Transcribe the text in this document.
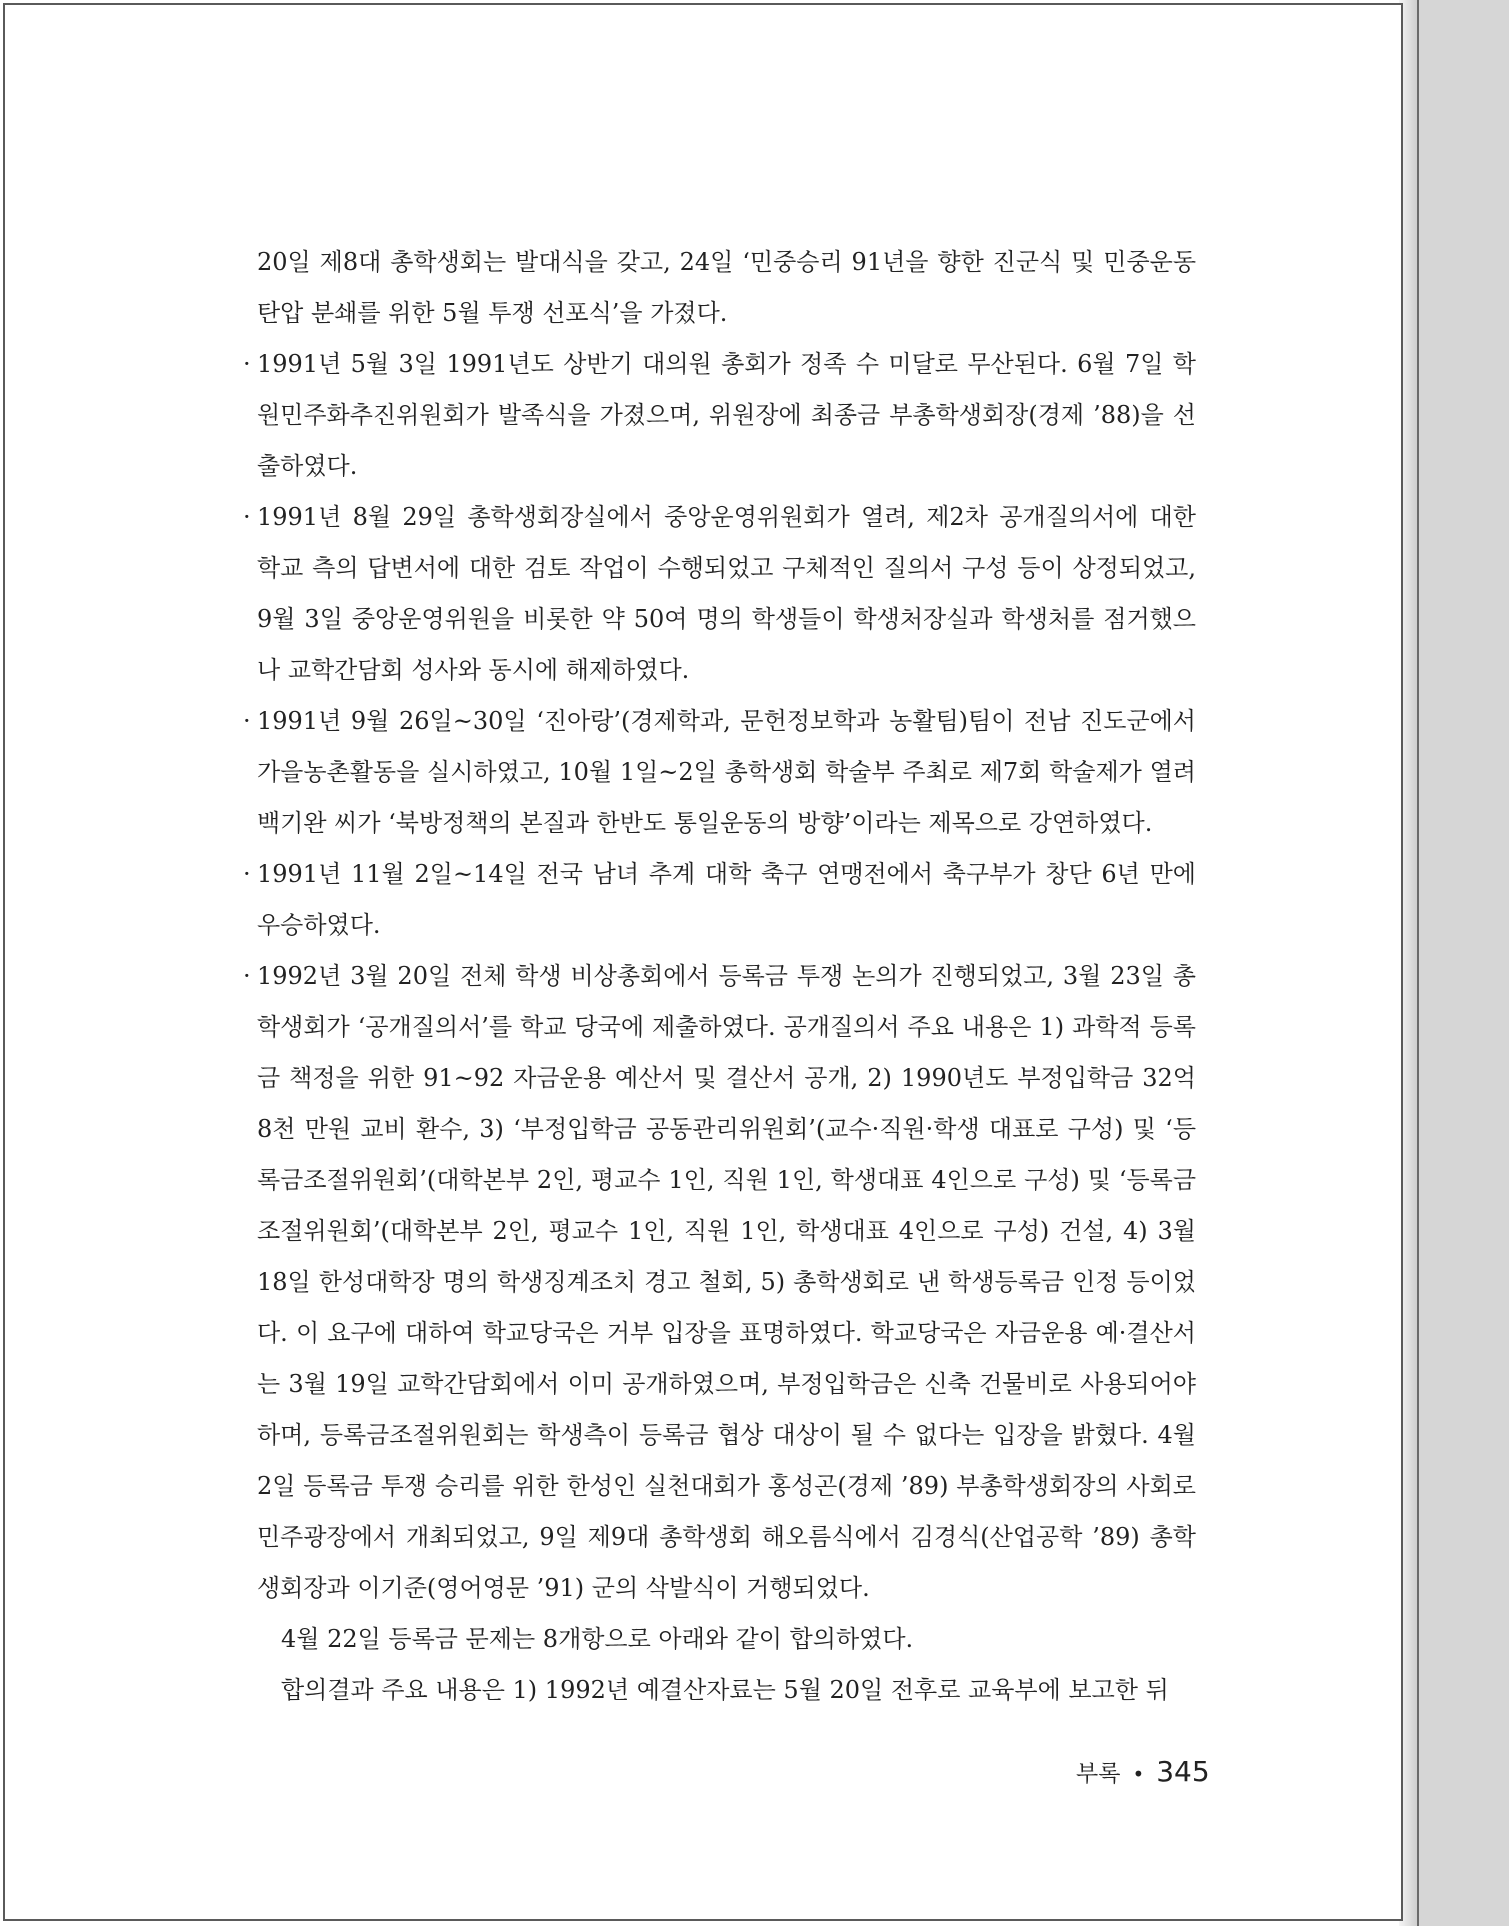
20일 제8대 총학생회는 발대식을 갖고, 24일 ‘민중승리 91년을 향한 진군식 및 민중운동 탄압 분쇄를 위한 5월 투쟁 선포식’을 가졌다.

· 1991년 5월 3일 1991년도 상반기 대의원 총회가 정족 수 미달로 무산된다. 6월 7일 학원민주화추진위원회가 발족식을 가졌으며, 위원장에 최종금 부총학생회장(경제 ’88)을 선출하였다.
· 1991년 8월 29일 총학생회장실에서 중앙운영위원회가 열려, 제2차 공개질의서에 대한 학교 측의 답변서에 대한 검토 작업이 수행되었고 구체적인 질의서 구성 등이 상정되었고, 9월 3일 중앙운영위원을 비롯한 약 50여 명의 학생들이 학생처장실과 학생처를 점거했으나 교학간담회 성사와 동시에 해제하였다.
· 1991년 9월 26일~30일 ‘진아랑’(경제학과, 문헌정보학과 농활팀)팀이 전남 진도군에서 가을농촌활동을 실시하였고, 10월 1일~2일 총학생회 학술부 주최로 제7회 학술제가 열려 백기완 씨가 ‘북방정책의 본질과 한반도 통일운동의 방향’이라는 제목으로 강연하였다.
· 1991년 11월 2일~14일 전국 남녀 추계 대학 축구 연맹전에서 축구부가 창단 6년 만에 우승하였다.
· 1992년 3월 20일 전체 학생 비상총회에서 등록금 투쟁 논의가 진행되었고, 3월 23일 총학생회가 ‘공개질의서’를 학교 당국에 제출하였다. 공개질의서 주요 내용은 1) 과학적 등록금 책정을 위한 91~92 자금운용 예산서 및 결산서 공개, 2) 1990년도 부정입학금 32억 8천 만원 교비 환수, 3) ‘부정입학금 공동관리위원회’(교수·직원·학생 대표로 구성) 및 ‘등록금조절위원회’(대학본부 2인, 평교수 1인, 직원 1인, 학생대표 4인으로 구성) 및 ‘등록금조절위원회’(대학본부 2인, 평교수 1인, 직원 1인, 학생대표 4인으로 구성) 건설, 4) 3월 18일 한성대학장 명의 학생징계조치 경고 철회, 5) 총학생회로 낸 학생등록금 인정 등이었다. 이 요구에 대하여 학교당국은 거부 입장을 표명하였다. 학교당국은 자금운용 예·결산서는 3월 19일 교학간담회에서 이미 공개하였으며, 부정입학금은 신축 건물비로 사용되어야 하며, 등록금조절위원회는 학생측이 등록금 협상 대상이 될 수 없다는 입장을 밝혔다. 4월 2일 등록금 투쟁 승리를 위한 한성인 실천대회가 홍성곤(경제 ’89) 부총학생회장의 사회로 민주광장에서 개최되었고, 9일 제9대 총학생회 해오름식에서 김경식(산업공학 ’89) 총학생회장과 이기준(영어영문 ’91) 군의 삭발식이 거행되었다.

4월 22일 등록금 문제는 8개항으로 아래와 같이 합의하였다.

합의결과 주요 내용은 1) 1992년 예결산자료는 5월 20일 전후로 교육부에 보고한 뒤

부록 • 345
